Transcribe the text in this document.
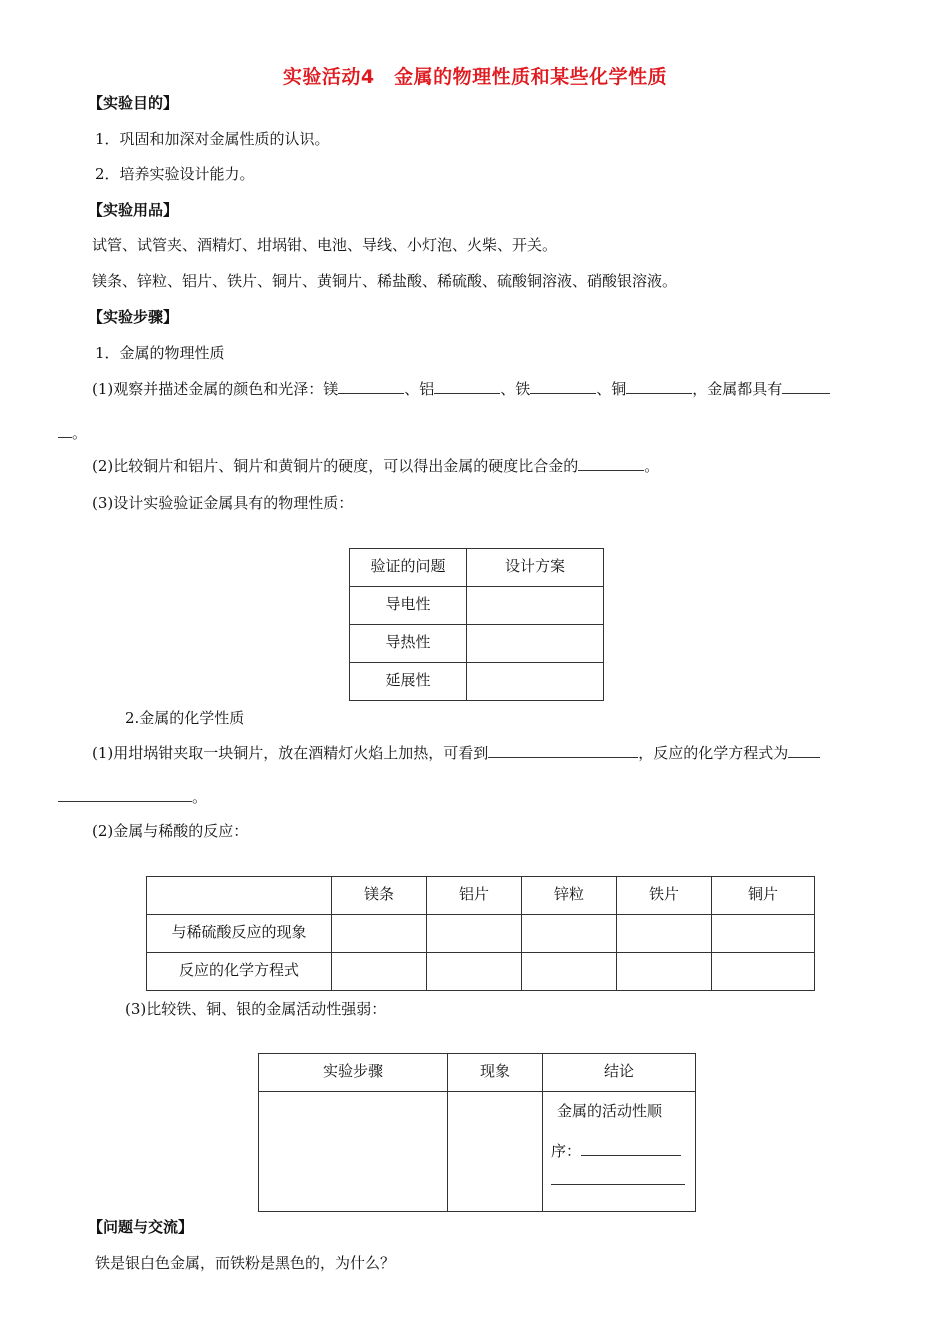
实验活动4　金属的物理性质和某些化学性质
【实验目的】
1．巩固和加深对金属性质的认识。
2．培养实验设计能力。
【实验用品】
试管、试管夹、酒精灯、坩埚钳、电池、导线、小灯泡、火柴、开关。
镁条、锌粒、铝片、铁片、铜片、黄铜片、稀盐酸、稀硫酸、硫酸铜溶液、硝酸银溶液。
【实验步骤】
1．金属的物理性质
(1)观察并描述金属的颜色和光泽：镁	、铝	、铁	、铜	，金属都具有
。
(2)比较铜片和铝片、铜片和黄铜片的硬度，可以得出金属的硬度比合金的	。
(3)设计实验验证金属具有的物理性质：
验证的问题	设计方案
导电性	
导热性	
延展性	
2.金属的化学性质
(1)用坩埚钳夹取一块铜片，放在酒精灯火焰上加热，可看到	，反应的化学方程式为
。
(2)金属与稀酸的反应：
	镁条	铝片	锌粒	铁片	铜片
与稀硫酸反应的现象					
反应的化学方程式					
(3)比较铁、铜、银的金属活动性强弱：
实验步骤	现象	结论

		金属的活动性顺
序：
【问题与交流】
铁是银白色金属，而铁粉是黑色的，为什么？
